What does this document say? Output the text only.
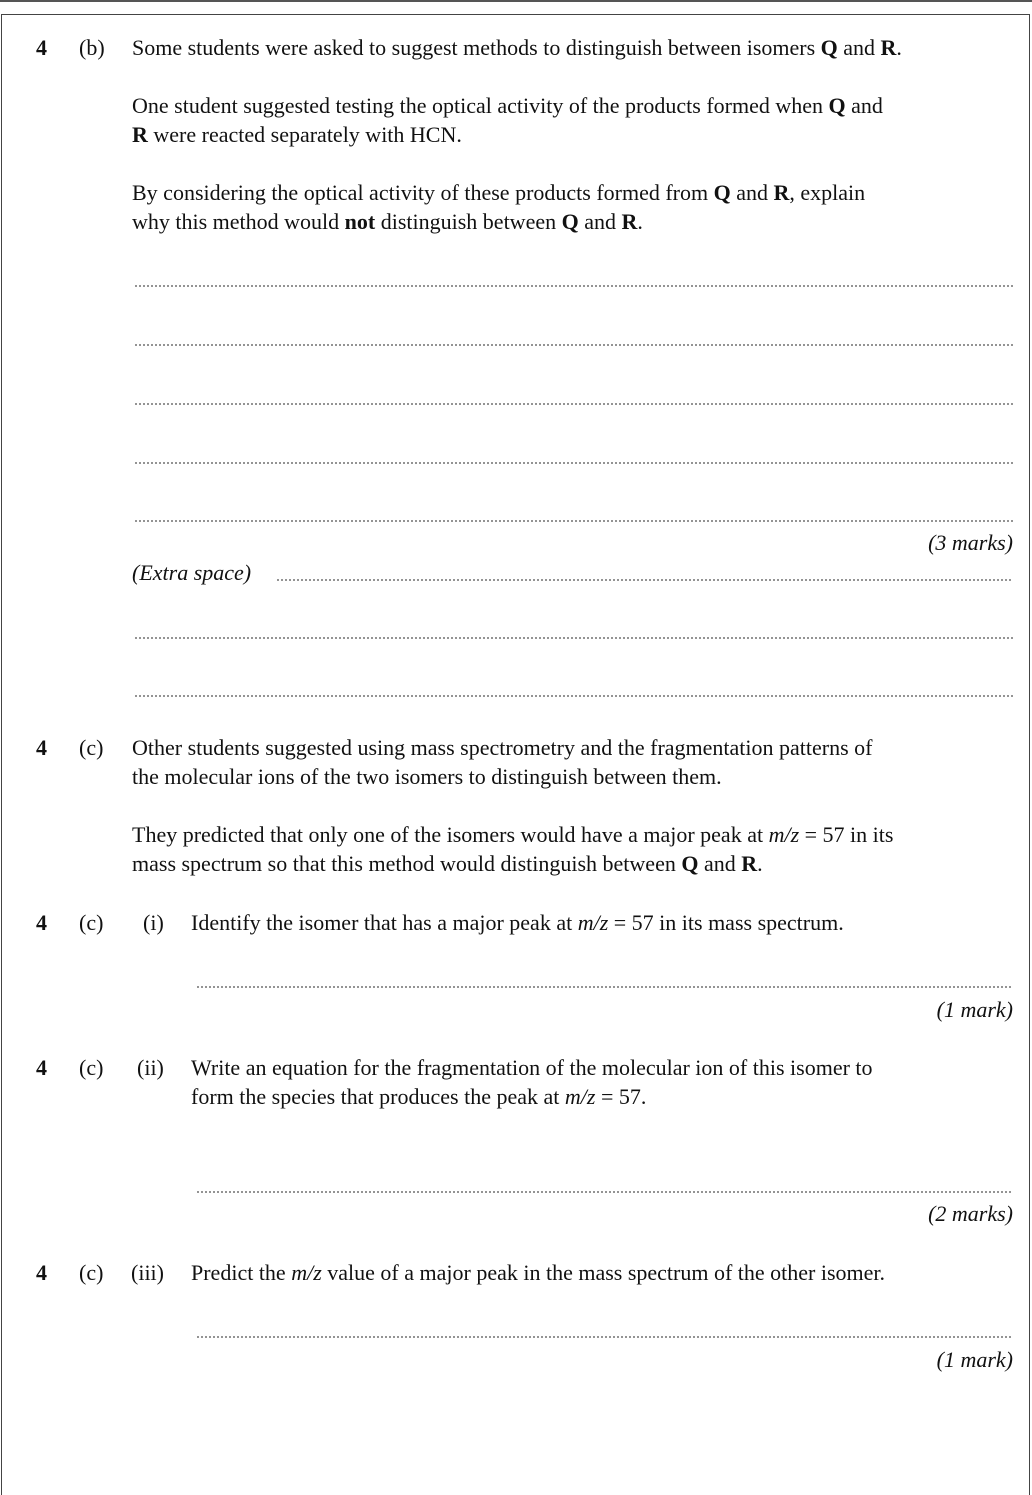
4 (b) Some students were asked to suggest methods to distinguish between isomers Q and R.
One student suggested testing the optical activity of the products formed when Q and
R were reacted separately with HCN.
By considering the optical activity of these products formed from Q and R, explain
why this method would not distinguish between Q and R.
(3 marks)
(Extra space)
4 (c) Other students suggested using mass spectrometry and the fragmentation patterns of
the molecular ions of the two isomers to distinguish between them.
They predicted that only one of the isomers would have a major peak at m/z = 57 in its
mass spectrum so that this method would distinguish between Q and R.
4 (c) (i) Identify the isomer that has a major peak at m/z = 57 in its mass spectrum.
(1 mark)
4 (c) (ii) Write an equation for the fragmentation of the molecular ion of this isomer to
form the species that produces the peak at m/z = 57.
(2 marks)
4 (c) (iii) Predict the m/z value of a major peak in the mass spectrum of the other isomer.
(1 mark)
